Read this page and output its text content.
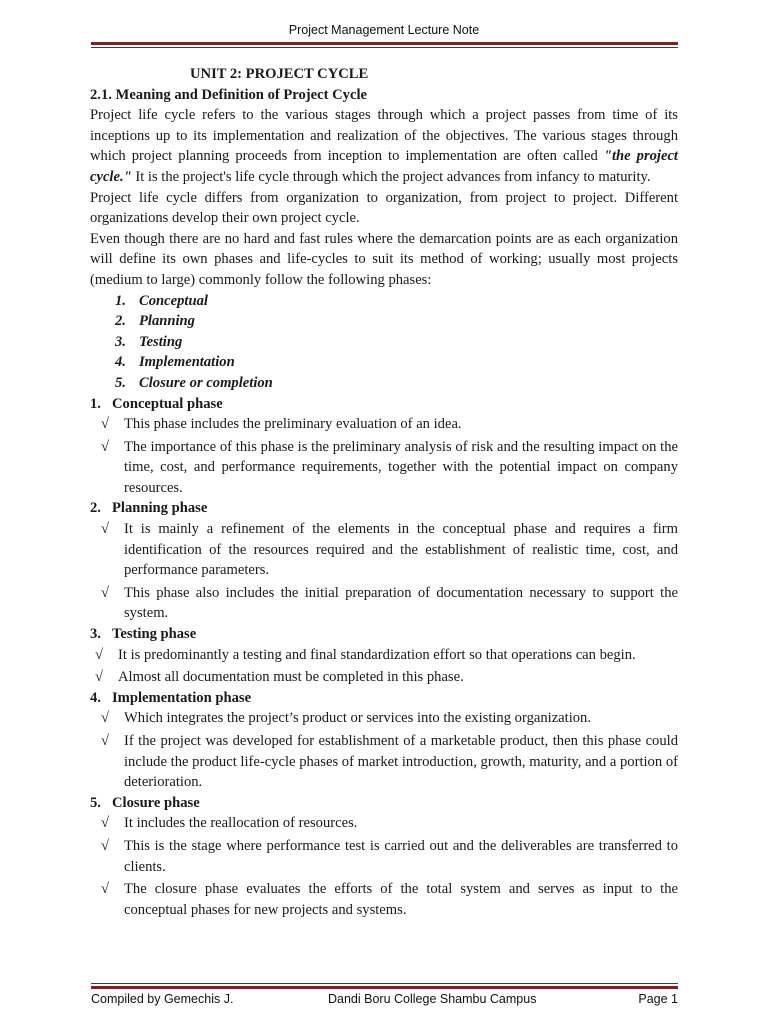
Project Management Lecture Note
UNIT 2: PROJECT CYCLE
2.1. Meaning and Definition of Project Cycle

Project life cycle refers to the various stages through which a project passes from time of its inceptions up to its implementation and realization of the objectives. The various stages through which project planning proceeds from inception to implementation are often called "the project cycle." It is the project's life cycle through which the project advances from infancy to maturity.

Project life cycle differs from organization to organization, from project to project. Different organizations develop their own project cycle.

Even though there are no hard and fast rules where the demarcation points are as each organization will define its own phases and life-cycles to suit its method of working; usually most projects (medium to large) commonly follow the following phases:

1. Conceptual
2. Planning
3. Testing
4. Implementation
5. Closure or completion
1. Conceptual phase
√ This phase includes the preliminary evaluation of an idea.
√ The importance of this phase is the preliminary analysis of risk and the resulting impact on the time, cost, and performance requirements, together with the potential impact on company resources.
2. Planning phase
√ It is mainly a refinement of the elements in the conceptual phase and requires a firm identification of the resources required and the establishment of realistic time, cost, and performance parameters.
√ This phase also includes the initial preparation of documentation necessary to support the system.
3. Testing phase
√ It is predominantly a testing and final standardization effort so that operations can begin.
√ Almost all documentation must be completed in this phase.
4. Implementation phase
√ Which integrates the project’s product or services into the existing organization.
√ If the project was developed for establishment of a marketable product, then this phase could include the product life-cycle phases of market introduction, growth, maturity, and a portion of deterioration.
5. Closure phase
√ It includes the reallocation of resources.
√ This is the stage where performance test is carried out and the deliverables are transferred to clients.
√ The closure phase evaluates the efforts of the total system and serves as input to the conceptual phases for new projects and systems.
Compiled by Gemechis J.	Dandi Boru College Shambu Campus	Page 1
